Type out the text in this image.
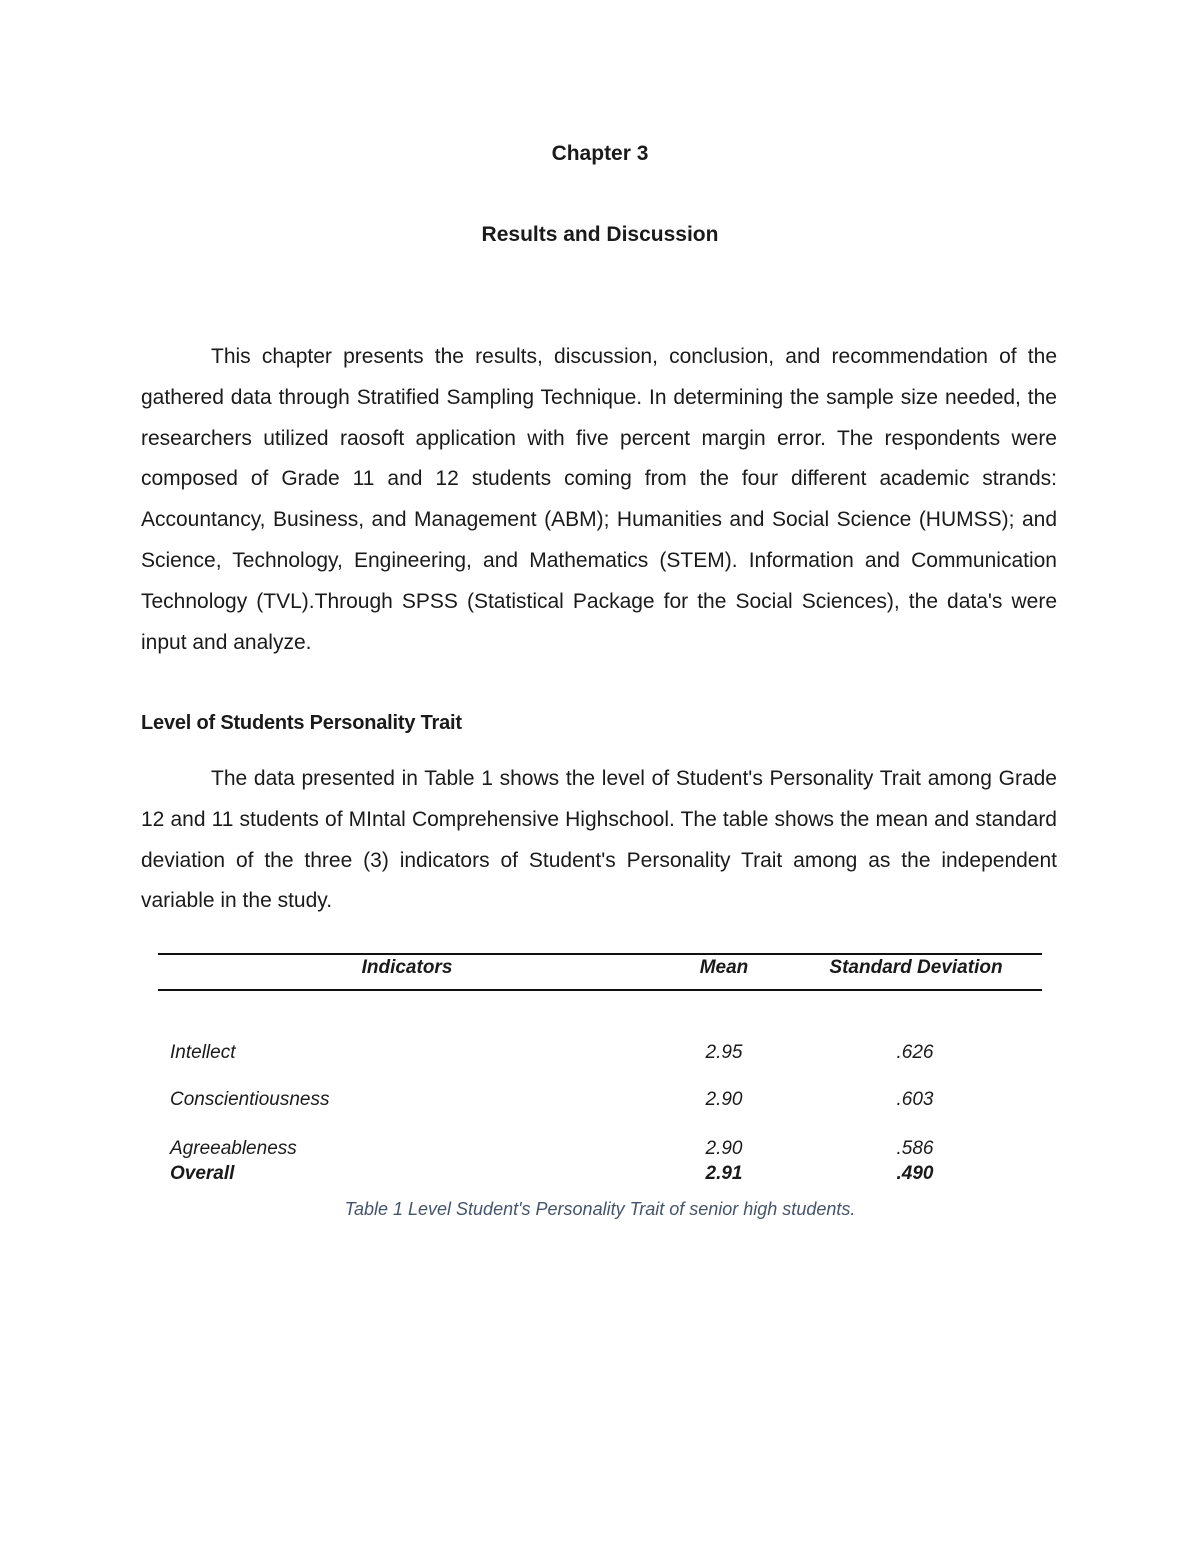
Chapter 3
Results and Discussion

This chapter presents the results, discussion, conclusion, and recommendation of the gathered data through Stratified Sampling Technique. In determining the sample size needed, the researchers utilized raosoft application with five percent margin error. The respondents were composed of Grade 11 and 12 students coming from the four different academic strands: Accountancy, Business, and Management (ABM); Humanities and Social Science (HUMSS); and Science, Technology, Engineering, and Mathematics (STEM). Information and Communication Technology (TVL).Through SPSS (Statistical Package for the Social Sciences), the data's were input and analyze.

Level of Students Personality Trait

The data presented in Table 1 shows the level of Student's Personality Trait among Grade 12 and 11 students of MIntal Comprehensive Highschool. The table shows the mean and standard deviation of the three (3) indicators of Student's Personality Trait among as the independent variable in the study.

Indicators	Mean	Standard Deviation
Intellect	2.95	.626
Conscientiousness	2.90	.603
Agreeableness	2.90	.586
Overall	2.91	.490
Table 1 Level Student's Personality Trait of senior high students.
